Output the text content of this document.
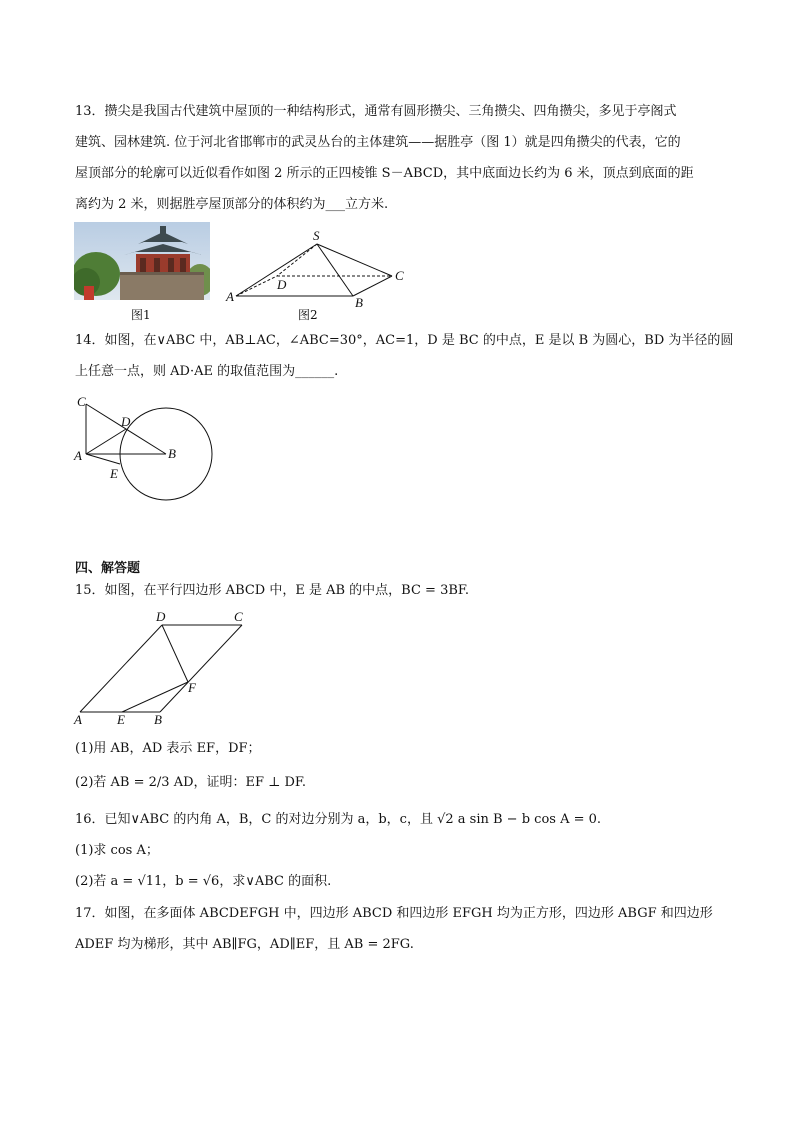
13．攒尖是我国古代建筑中屋顶的一种结构形式，通常有圆形攒尖、三角攒尖、四角攒尖，多见于亭阁式
建筑、园林建筑. 位于河北省邯郸市的武灵丛台的主体建筑——据胜亭（图 1）就是四角攒尖的代表，它的
屋顶部分的轮廓可以近似看作如图 2 所示的正四棱锥 S－ABCD，其中底面边长约为 6 米，顶点到底面的距
离约为 2 米，则据胜亭屋顶部分的体积约为___立方米.
图1
S
A	B
C
D
图2
14．如图，在∨ABC 中，AB⊥AC，∠ABC=30°，AC=1，D 是 BC 的中点，E 是以 B 为圆心，BD 为半径的圆
上任意一点，则 AD·AE 的取值范围为______.
C
D
A	B
E
四、解答题
15．如图，在平行四边形 ABCD 中，E 是 AB 的中点，BC = 3BF.
D	C
F
A	E B
(1)用 AB，AD 表示 EF，DF；
(2)若 AB = 2/3 AD，证明：EF ⊥ DF.
16．已知∨ABC 的内角 A，B，C 的对边分别为 a，b，c，且 √2 a sin B − b cos A = 0.
(1)求 cos A；
(2)若 a = √11，b = √6，求∨ABC 的面积.
17．如图，在多面体 ABCDEFGH 中，四边形 ABCD 和四边形 EFGH 均为正方形，四边形 ABGF 和四边形
ADEF 均为梯形，其中 AB∥FG，AD∥EF，且 AB = 2FG.
